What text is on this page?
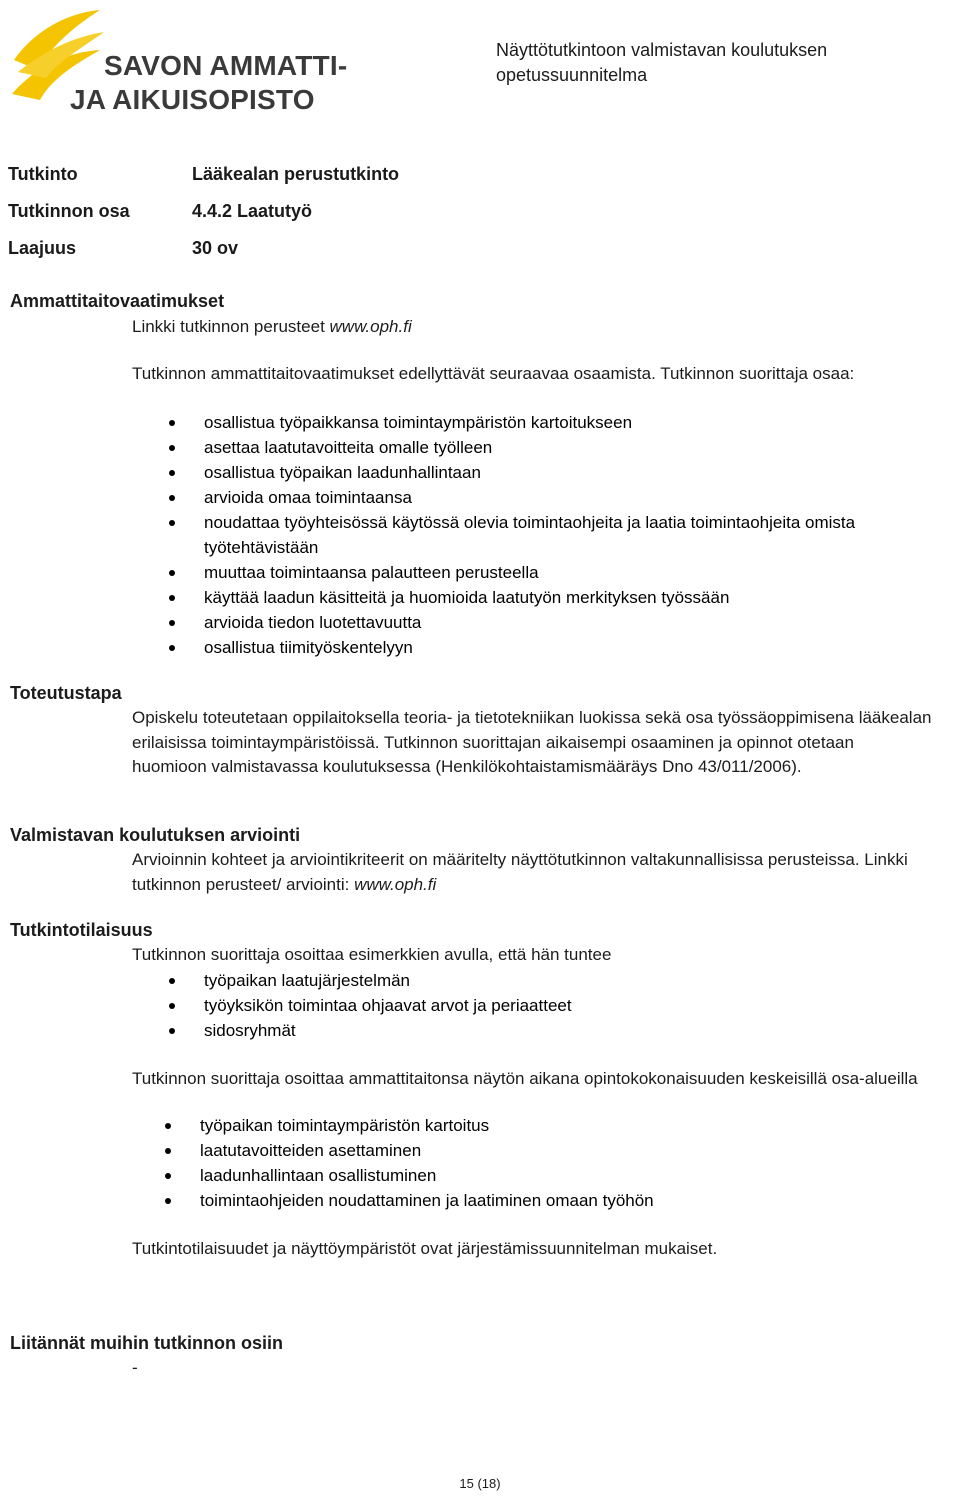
SAVON AMMATTI-
JA AIKUISOPISTO
Näyttötutkintoon valmistavan koulutuksen
opetussuunnitelma
Tutkinto	Lääkealan perustutkinto
Tutkinnon osa	4.4.2 Laatutyö
Laajuus	30 ov
Ammattitaitovaatimukset
Linkki tutkinnon perusteet www.oph.fi
Tutkinnon ammattitaitovaatimukset edellyttävät seuraavaa osaamista. Tutkinnon suorittaja osaa:
osallistua työpaikkansa toimintaympäristön kartoitukseen
asettaa laatutavoitteita omalle työlleen
osallistua työpaikan laadunhallintaan
arvioida omaa toimintaansa
noudattaa työyhteisössä käytössä olevia toimintaohjeita ja laatia toimintaohjeita omista työtehtävistään
muuttaa toimintaansa palautteen perusteella
käyttää laadun käsitteitä ja huomioida laatutyön merkityksen työssään
arvioida tiedon luotettavuutta
osallistua tiimityöskentelyyn
Toteutustapa
Opiskelu toteutetaan oppilaitoksella teoria- ja tietotekniikan luokissa sekä osa työssäoppimisena lääkealan erilaisissa toimintaympäristöissä. Tutkinnon suorittajan aikaisempi osaaminen ja opinnot otetaan huomioon valmistavassa koulutuksessa (Henkilökohtaistamismääräys Dno 43/011/2006).
Valmistavan koulutuksen arviointi
Arvioinnin kohteet ja arviointikriteerit on määritelty näyttötutkinnon valtakunnallisissa perusteissa. Linkki tutkinnon perusteet/ arviointi: www.oph.fi
Tutkintotilaisuus
Tutkinnon suorittaja osoittaa esimerkkien avulla, että hän tuntee
työpaikan laatujärjestelmän
työyksikön toimintaa ohjaavat arvot ja periaatteet
sidosryhmät
Tutkinnon suorittaja osoittaa ammattitaitonsa näytön aikana opintokokonaisuuden keskeisillä osa-alueilla
työpaikan toimintaympäristön kartoitus
laatutavoitteiden asettaminen
laadunhallintaan osallistuminen
toimintaohjeiden noudattaminen ja laatiminen omaan työhön
Tutkintotilaisuudet ja näyttöympäristöt ovat järjestämissuunnitelman mukaiset.
Liitännät muihin tutkinnon osiin
-
15 (18)
